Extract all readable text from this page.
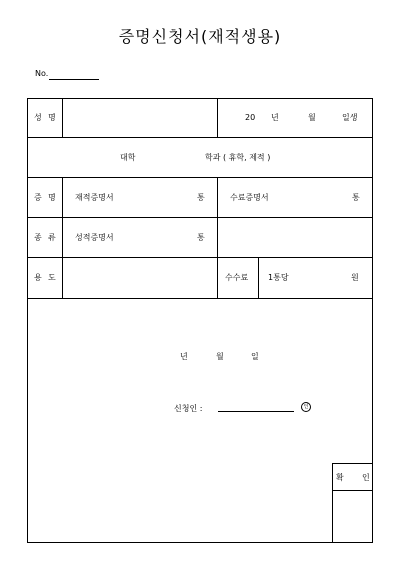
증명신청서(재적생용)
No.
성 명	20 년	월	일생
대학	학과 ( 휴학, 제적 )
증 명 재적증명서	통	수료증명서	통
종 류 성적증명서	통
용 도	수수료 1통당	원
년	월	일
신청인 :	인
확 인
